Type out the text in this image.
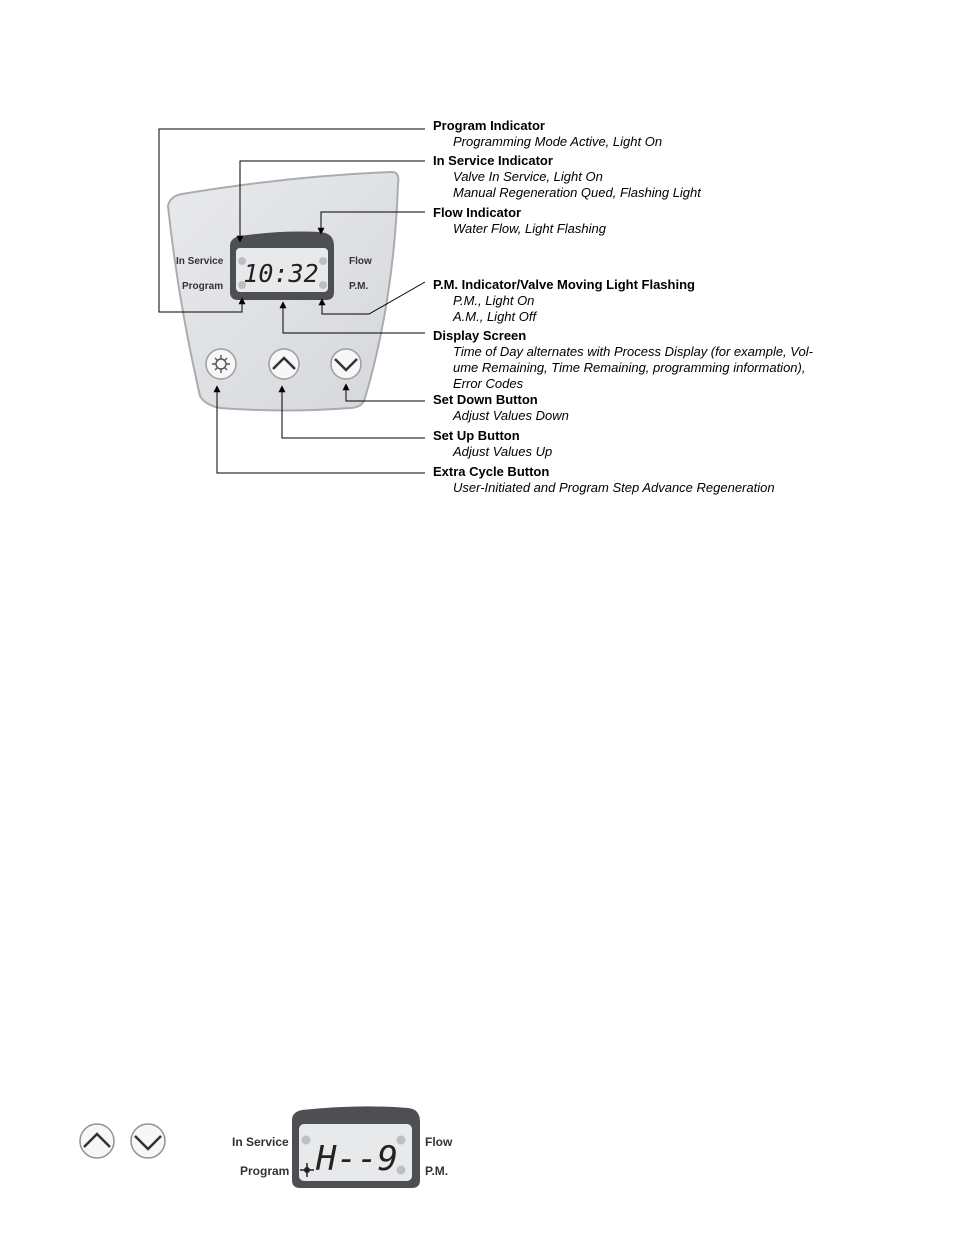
10:32
In Service
Program
Flow
P.M.
H--9
In Service
Program
Flow
P.M.
Program Indicator
Programming Mode Active, Light On
In Service Indicator
Valve In Service, Light On
Manual Regeneration Qued, Flashing Light
Flow Indicator
Water Flow, Light Flashing
P.M. Indicator/Valve Moving Light Flashing
P.M., Light On
A.M., Light Off
Display Screen
Time of Day alternates with Process Display (for example, Vol-
ume Remaining, Time Remaining, programming information),
Error Codes
Set Down Button
Adjust Values Down
Set Up Button
Adjust Values Up
Extra Cycle Button
User-Initiated and Program Step Advance Regeneration
